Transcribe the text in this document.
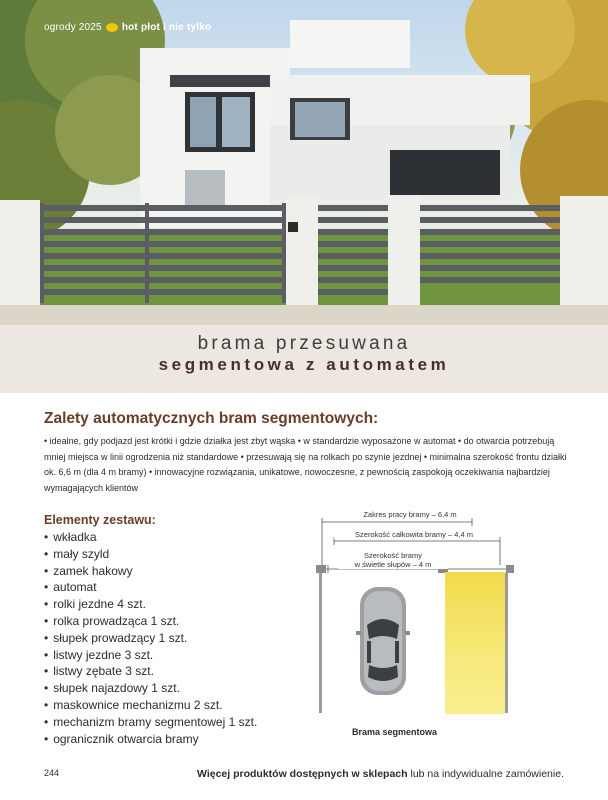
ogrody 2025 hot płot i nie tylko
brama przesuwana
segmentowa z automatem
Zalety automatycznych bram segmentowych:
• idealne, gdy podjazd jest krótki i gdzie działka jest zbyt wąska • w standardzie wyposażone w automat • do otwarcia potrzebują mniej miejsca w linii ogrodzenia niż standardowe • przesuwają się na rolkach po szynie jezdnej • minimalna szerokość frontu działki ok. 6,6 m (dla 4 m bramy) • innowacyjne rozwiązania, unikatowe, nowoczesne, z pewnością zaspokoją oczekiwania najbardziej wymagających klientów
Elementy zestawu:
• wkładka
• mały szyld
• zamek hakowy
• automat
• rolki jezdne 4 szt.
• rolka prowadząca 1 szt.
• słupek prowadzący 1 szt.
• listwy jezdne 3 szt.
• listwy zębate 3 szt.
• słupek najazdowy 1 szt.
• maskownice mechanizmu 2 szt.
• mechanizm bramy segmentowej 1 szt.
• ogranicznik otwarcia bramy
Zakres pracy bramy – 6,4 m
Szerokość całkowita bramy – 4,4 m
Szerokość bramy
w świetle słupów – 4 m
Brama segmentowa
244	Więcej produktów dostępnych w sklepach lub na indywidualne zamówienie.
